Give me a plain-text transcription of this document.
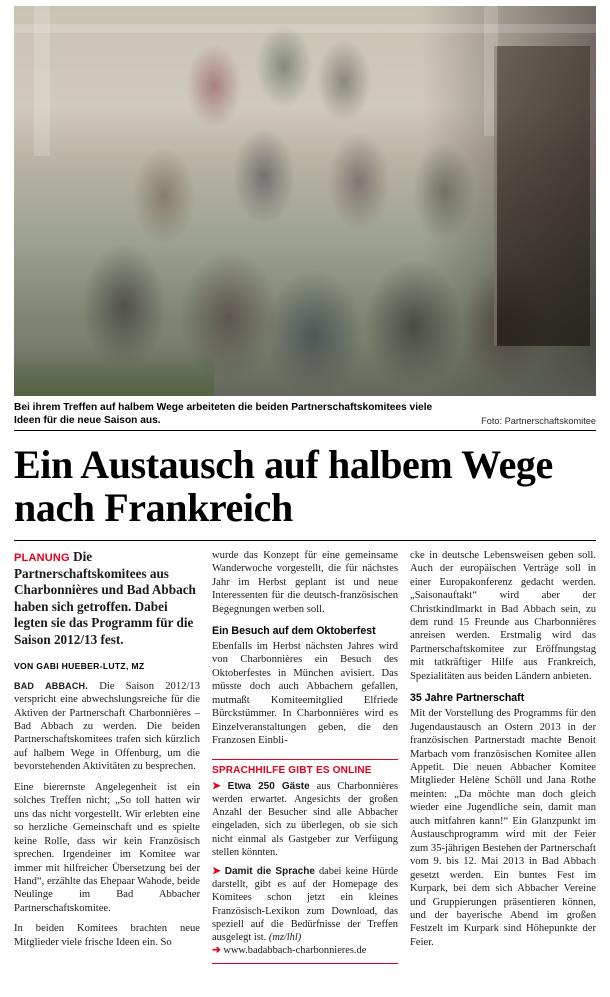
Bei ihrem Treffen auf halbem Wege arbeiteten die beiden Partnerschaftskomitees viele Ideen für die neue Saison aus.	Foto: Partnerschaftskomitee
Ein Austausch auf halbem Wege nach Frankreich

PLANUNG Die Partnerschaftskomitees aus Charbonnières und Bad Abbach haben sich getroffen. Dabei legten sie das Programm für die Saison 2012/13 fest.

VON GABI HUEBER-LUTZ, MZ

BAD ABBACH. Die Saison 2012/13 verspricht eine abwechslungsreiche für die Aktiven der Partnerschaft Charbonnières – Bad Abbach zu werden. Die beiden Partnerschaftskomitees trafen sich kürzlich auf halbem Wege in Offenburg, um die bevorstehenden Aktivitäten zu besprechen.

Eine bierernste Angelegenheit ist ein solches Treffen nicht; „So toll hatten wir uns das nicht vorgestellt. Wir erlebten eine so herzliche Gemeinschaft und es spielte keine Rolle, dass wir kein Französisch sprechen. Irgendeiner im Komitee war immer mit hilfreicher Übersetzung bei der Hand“, erzählte das Ehepaar Wahode, beide Neulinge im Bad Abbacher Partnerschaftskomitee.

In beiden Komitees brachten neue Mitglieder viele frische Ideen ein. So

wurde das Konzept für eine gemeinsame Wanderwoche vorgestellt, die für nächstes Jahr im Herbst geplant ist und neue Interessenten für die deutsch-französischen Begegnungen werben soll.

Ein Besuch auf dem Oktoberfest

Ebenfalls im Herbst nächsten Jahres wird von Charbonnières ein Besuch des Oktoberfestes in München avisiert. Das müsste doch auch Abbachern gefallen, mutmaßt Komiteemitglied Elfriede Bürckstümmer. In Charbonnières wird es Einzelveranstaltungen geben, die den Franzosen Einbli-

SPRACHHILFE GIBT ES ONLINE

➤ Etwa 250 Gäste aus Charbonnières werden erwartet. Angesichts der großen Anzahl der Besucher sind alle Abbacher eingeladen, sich zu überlegen, ob sie sich nicht einmal als Gastgeber zur Verfügung stellen könnten.

➤ Damit die Sprache dabei keine Hürde darstellt, gibt es auf der Homepage des Komitees schon jetzt ein kleines Französisch-Lexikon zum Download, das speziell auf die Bedürfnisse der Treffen ausgelegt ist. (mz/lhl)

➔ www.badabbach-charbonnieres.de

cke in deutsche Lebensweisen geben soll. Auch der europäischen Verträge soll in einer Europakonferenz gedacht werden. „Saisonauftakt“ wird aber der Christkindlmarkt in Bad Abbach sein, zu dem rund 15 Freunde aus Charbonnières anreisen werden. Erstmalig wird das Partnerschaftskomitee zur Eröffnungstag mit tatkräftiger Hilfe aus Frankreich, Spezialitäten aus beiden Ländern anbieten.

35 Jahre Partnerschaft

Mit der Vorstellung des Programms für den Jugendaustausch an Ostern 2013 in der französischen Partnerstadt machte Benoit Marbach vom französischen Komitee allen Appetit. Die neuen Abbacher Komitee Mitglieder Helène Schöll und Jana Rothe meinten: „Da möchte man doch gleich wieder eine Jugendliche sein, damit man auch mitfahren kann!“ Ein Glanzpunkt im Austauschprogramm wird mit der Feier zum 35-jährigen Bestehen der Partnerschaft vom 9. bis 12. Mai 2013 in Bad Abbach gesetzt werden. Ein buntes Fest im Kurpark, bei dem sich Abbacher Vereine und Gruppierungen präsentieren können, und der bayerische Abend im großen Festzelt im Kurpark sind Höhepunkte der Feier.
